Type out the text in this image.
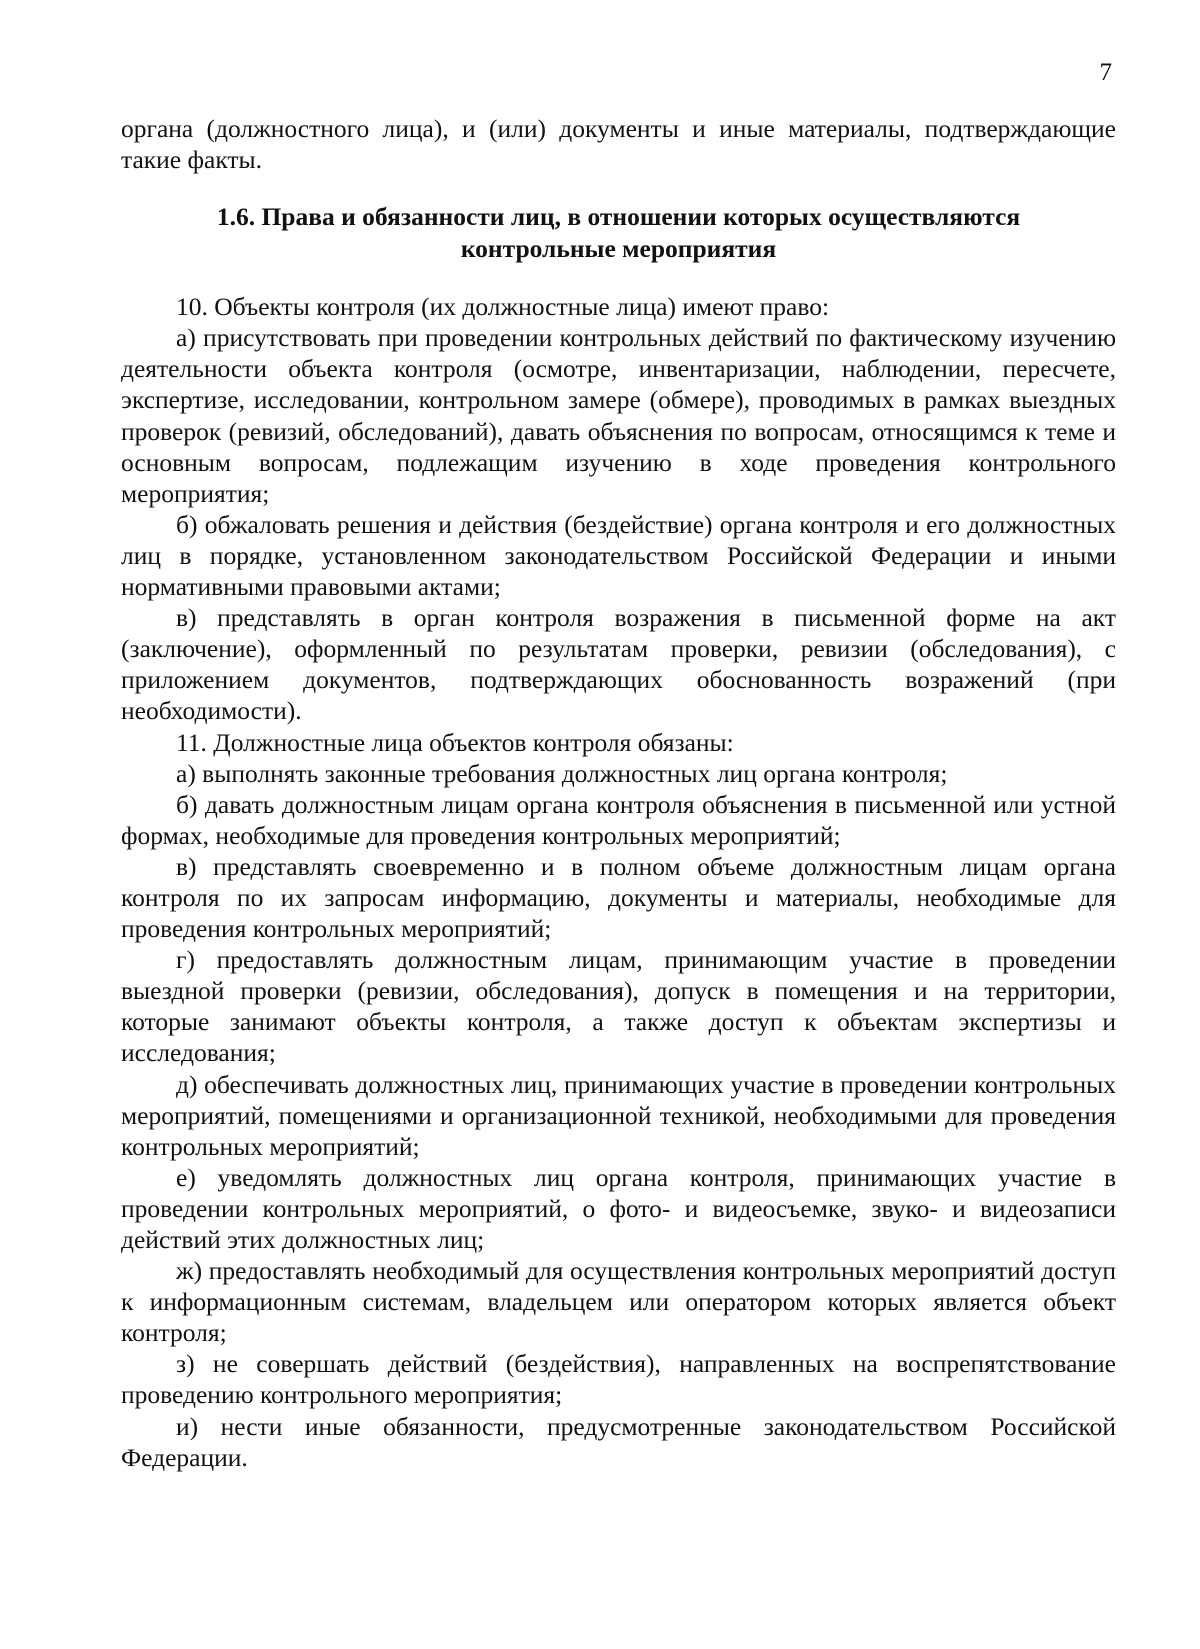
7

органа (должностного лица), и (или) документы и иные материалы, подтверждающие такие факты.

1.6. Права и обязанности лиц, в отношении которых осуществляются
контрольные мероприятия

10. Объекты контроля (их должностные лица) имеют право:

а) присутствовать при проведении контрольных действий по фактическому изучению деятельности объекта контроля (осмотре, инвентаризации, наблюдении, пересчете, экспертизе, исследовании, контрольном замере (обмере), проводимых в рамках выездных проверок (ревизий, обследований), давать объяснения по вопросам, относящимся к теме и основным вопросам, подлежащим изучению в ходе проведения контрольного мероприятия;

б) обжаловать решения и действия (бездействие) органа контроля и его должностных лиц в порядке, установленном законодательством Российской Федерации и иными нормативными правовыми актами;

в) представлять в орган контроля возражения в письменной форме на акт (заключение), оформленный по результатам проверки, ревизии (обследования), с приложением документов, подтверждающих обоснованность возражений (при необходимости).

11. Должностные лица объектов контроля обязаны:

а) выполнять законные требования должностных лиц органа контроля;

б) давать должностным лицам органа контроля объяснения в письменной или устной формах, необходимые для проведения контрольных мероприятий;

в) представлять своевременно и в полном объеме должностным лицам органа контроля по их запросам информацию, документы и материалы, необходимые для проведения контрольных мероприятий;

г) предоставлять должностным лицам, принимающим участие в проведении выездной проверки (ревизии, обследования), допуск в помещения и на территории, которые занимают объекты контроля, а также доступ к объектам экспертизы и исследования;

д) обеспечивать должностных лиц, принимающих участие в проведении контрольных мероприятий, помещениями и организационной техникой, необходимыми для проведения контрольных мероприятий;

е) уведомлять должностных лиц органа контроля, принимающих участие в проведении контрольных мероприятий, о фото- и видеосъемке, звуко- и видеозаписи действий этих должностных лиц;

ж) предоставлять необходимый для осуществления контрольных мероприятий доступ к информационным системам, владельцем или оператором которых является объект контроля;

з) не совершать действий (бездействия), направленных на воспрепятствование проведению контрольного мероприятия;

и) нести иные обязанности, предусмотренные законодательством Российской Федерации.
